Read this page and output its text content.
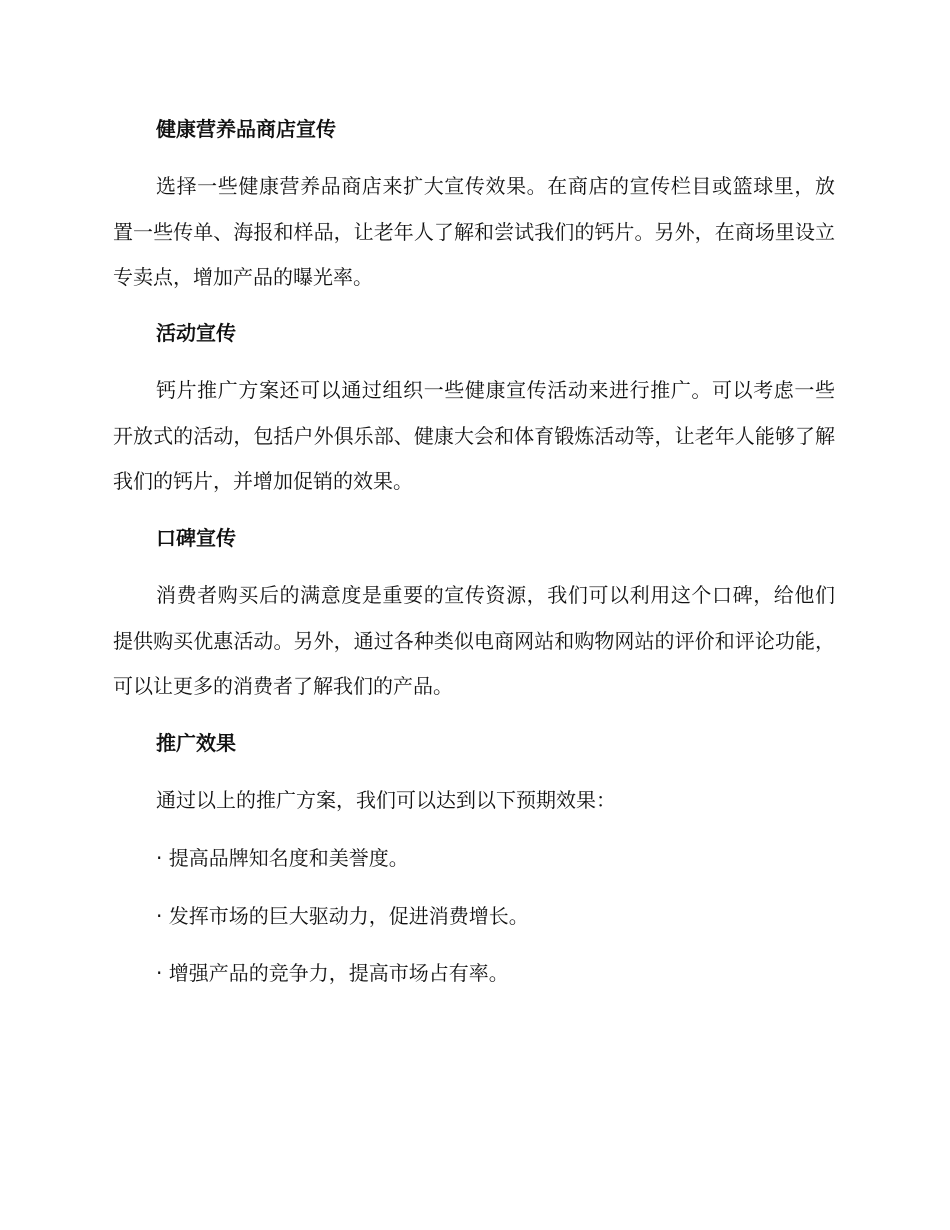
健康营养品商店宣传

选择一些健康营养品商店来扩大宣传效果。在商店的宣传栏目或篮球里，放置一些传单、海报和样品，让老年人了解和尝试我们的钙片。另外，在商场里设立专卖点，增加产品的曝光率。

活动宣传

钙片推广方案还可以通过组织一些健康宣传活动来进行推广。可以考虑一些开放式的活动，包括户外俱乐部、健康大会和体育锻炼活动等，让老年人能够了解我们的钙片，并增加促销的效果。

口碑宣传

消费者购买后的满意度是重要的宣传资源，我们可以利用这个口碑，给他们提供购买优惠活动。另外，通过各种类似电商网站和购物网站的评价和评论功能，可以让更多的消费者了解我们的产品。

推广效果
通过以上的推广方案，我们可以达到以下预期效果：
· 提高品牌知名度和美誉度。
· 发挥市场的巨大驱动力，促进消费增长。
· 增强产品的竞争力，提高市场占有率。
